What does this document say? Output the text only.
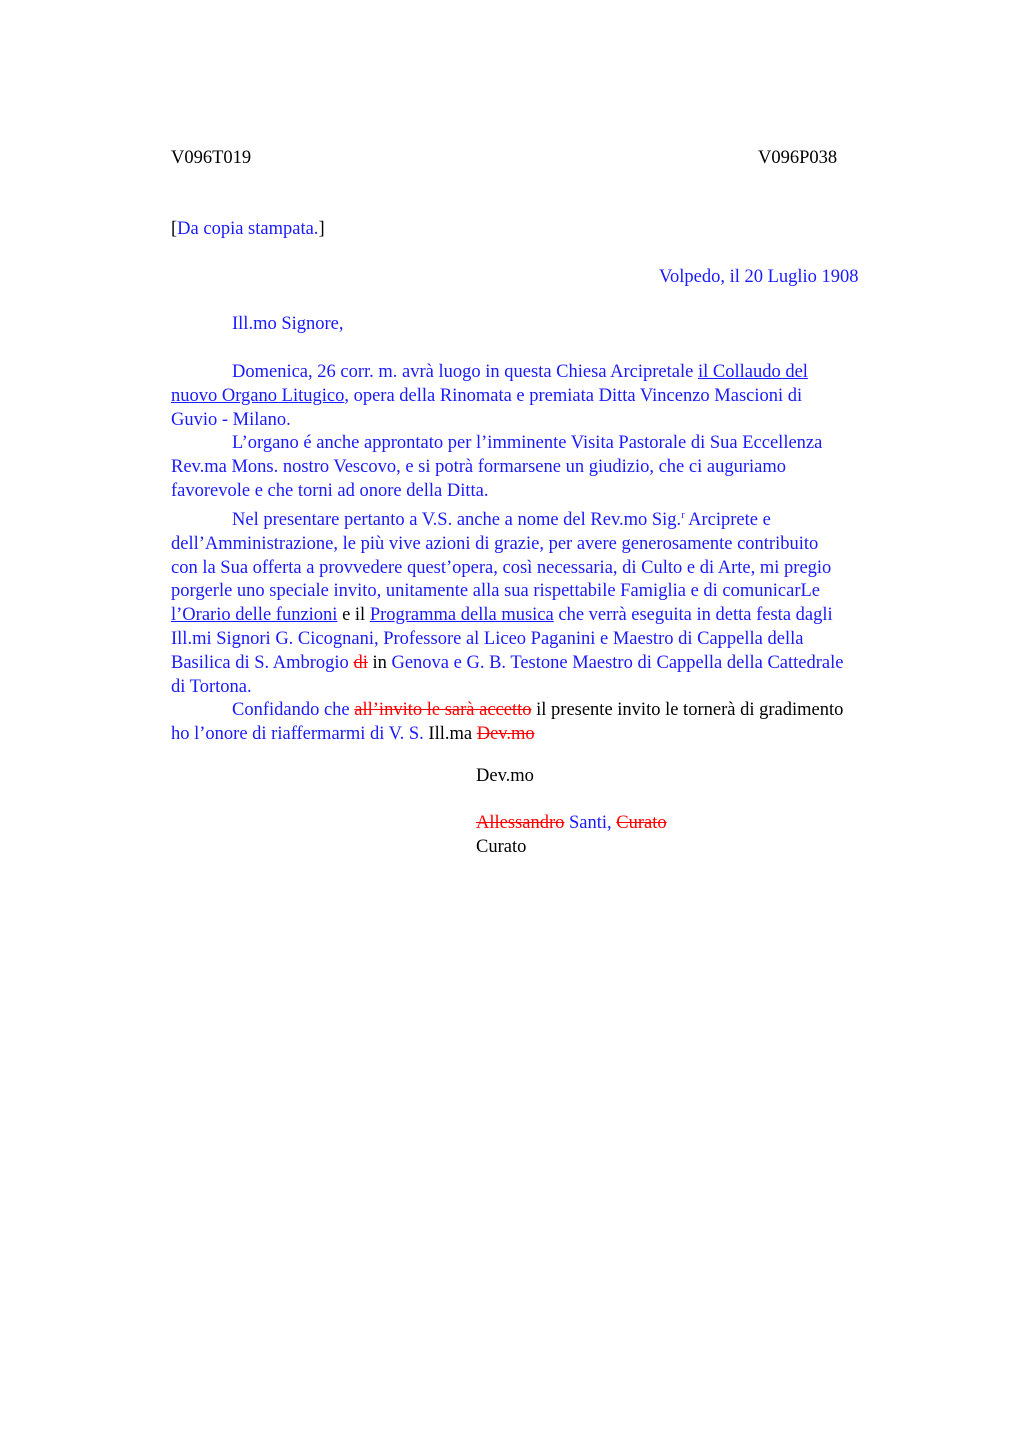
V096T019	V096P038
[Da copia stampata.]
Volpedo, il 20 Luglio 1908
Ill.mo Signore,
Domenica, 26 corr. m. avrà luogo in questa Chiesa Arcipretale il Collaudo del
nuovo Organo Litugico, opera della Rinomata e premiata Ditta Vincenzo Mascioni di
Guvio - Milano.
L’organo é anche approntato per l’imminente Visita Pastorale di Sua Eccellenza
Rev.ma Mons. nostro Vescovo, e si potrà formarsene un giudizio, che ci auguriamo
favorevole e che torni ad onore della Ditta.
Nel presentare pertanto a V.S. anche a nome del Rev.mo Sig.$^r$ Arciprete e
dell’Amministrazione, le più vive azioni di grazie, per avere generosamente contribuito
con la Sua offerta a provvedere quest’opera, così necessaria, di Culto e di Arte, mi pregio
porgerle uno speciale invito, unitamente alla sua rispettabile Famiglia e di comunicarLe
l’Orario delle funzioni e il Programma della musica che verrà eseguita in detta festa dagli
Ill.mi Signori G. Cicognani, Professore al Liceo Paganini e Maestro di Cappella della
Basilica di S. Ambrogio di in Genova e G. B. Testone Maestro di Cappella della Cattedrale
di Tortona.
Confidando che all’invito le sarà accetto il presente invito le tornerà di gradimento
ho l’onore di riaffermarmi di V. S. Ill.ma Dev.mo
Dev.mo
Allessandro Santi, Curato
Curato
